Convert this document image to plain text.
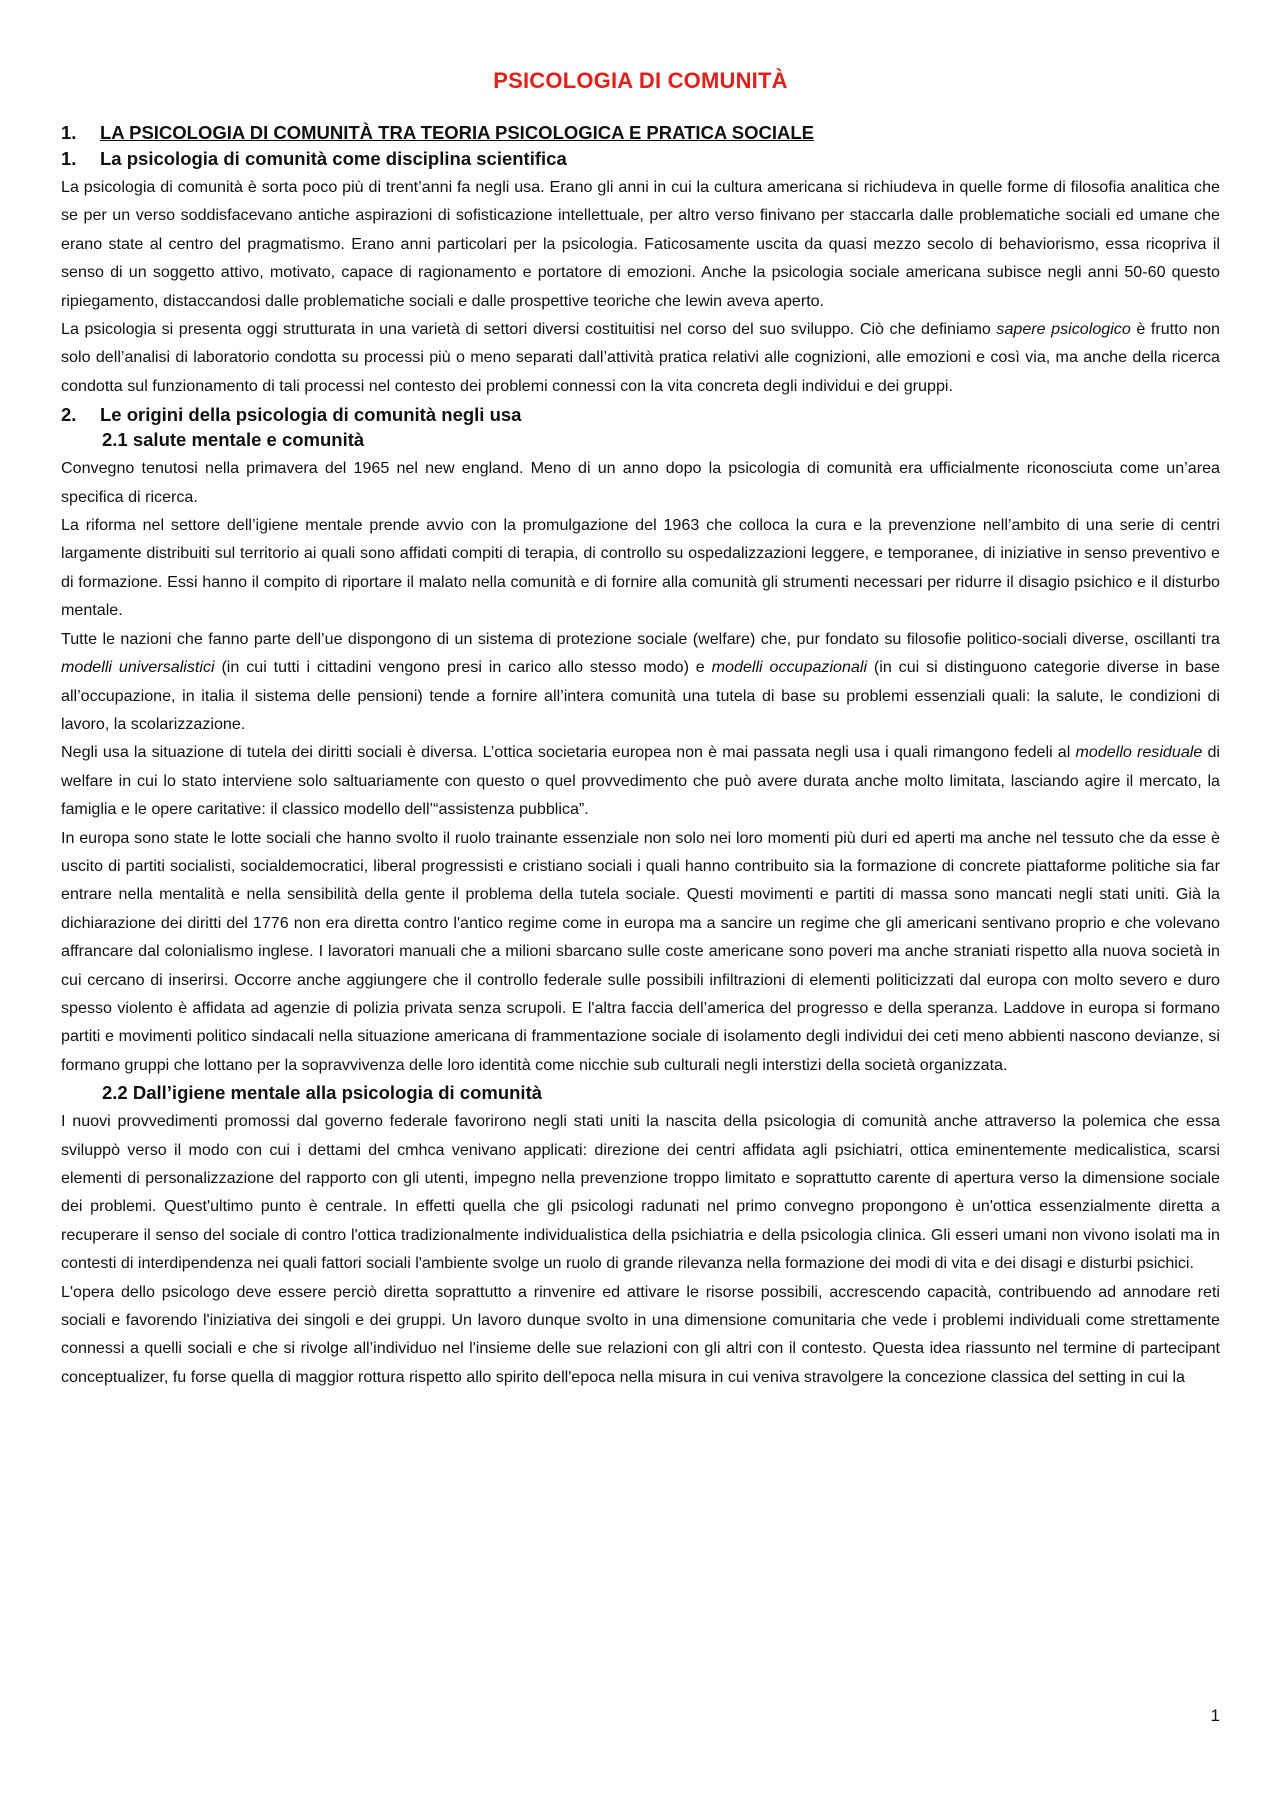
PSICOLOGIA DI COMUNITÀ
1. LA PSICOLOGIA DI COMUNITÀ TRA TEORIA PSICOLOGICA E PRATICA SOCIALE
1. La psicologia di comunità come disciplina scientifica

La psicologia di comunità è sorta poco più di trent’anni fa negli usa. Erano gli anni in cui la cultura americana si richiudeva in quelle forme di filosofia analitica che se per un verso soddisfacevano antiche aspirazioni di sofisticazione intellettuale, per altro verso finivano per staccarla dalle problematiche sociali ed umane che erano state al centro del pragmatismo. Erano anni particolari per la psicologia. Faticosamente uscita da quasi mezzo secolo di behaviorismo, essa ricopriva il senso di un soggetto attivo, motivato, capace di ragionamento e portatore di emozioni. Anche la psicologia sociale americana subisce negli anni 50-60 questo ripiegamento, distaccandosi dalle problematiche sociali e dalle prospettive teoriche che lewin aveva aperto.

La psicologia si presenta oggi strutturata in una varietà di settori diversi costituitisi nel corso del suo sviluppo. Ciò che definiamo sapere psicologico è frutto non solo dell’analisi di laboratorio condotta su processi più o meno separati dall’attività pratica relativi alle cognizioni, alle emozioni e così via, ma anche della ricerca condotta sul funzionamento di tali processi nel contesto dei problemi connessi con la vita concreta degli individui e dei gruppi.

2. Le origini della psicologia di comunità negli usa
2.1 salute mentale e comunità

Convegno tenutosi nella primavera del 1965 nel new england. Meno di un anno dopo la psicologia di comunità era ufficialmente riconosciuta come un’area specifica di ricerca.

La riforma nel settore dell’igiene mentale prende avvio con la promulgazione del 1963 che colloca la cura e la prevenzione nell’ambito di una serie di centri largamente distribuiti sul territorio ai quali sono affidati compiti di terapia, di controllo su ospedalizzazioni leggere, e temporanee, di iniziative in senso preventivo e di formazione. Essi hanno il compito di riportare il malato nella comunità e di fornire alla comunità gli strumenti necessari per ridurre il disagio psichico e il disturbo mentale.

Tutte le nazioni che fanno parte dell’ue dispongono di un sistema di protezione sociale (welfare) che, pur fondato su filosofie politico-sociali diverse, oscillanti tra modelli universalistici (in cui tutti i cittadini vengono presi in carico allo stesso modo) e modelli occupazionali (in cui si distinguono categorie diverse in base all’occupazione, in italia il sistema delle pensioni) tende a fornire all’intera comunità una tutela di base su problemi essenziali quali: la salute, le condizioni di lavoro, la scolarizzazione.

Negli usa la situazione di tutela dei diritti sociali è diversa. L’ottica societaria europea non è mai passata negli usa i quali rimangono fedeli al modello residuale di welfare in cui lo stato interviene solo saltuariamente con questo o quel provvedimento che può avere durata anche molto limitata, lasciando agire il mercato, la famiglia e le opere caritative: il classico modello dell’“assistenza pubblica”.

In europa sono state le lotte sociali che hanno svolto il ruolo trainante essenziale non solo nei loro momenti più duri ed aperti ma anche nel tessuto che da esse è uscito di partiti socialisti, socialdemocratici, liberal progressisti e cristiano sociali i quali hanno contribuito sia la formazione di concrete piattaforme politiche sia far entrare nella mentalità e nella sensibilità della gente il problema della tutela sociale. Questi movimenti e partiti di massa sono mancati negli stati uniti. Già la dichiarazione dei diritti del 1776 non era diretta contro l'antico regime come in europa ma a sancire un regime che gli americani sentivano proprio e che volevano affrancare dal colonialismo inglese. I lavoratori manuali che a milioni sbarcano sulle coste americane sono poveri ma anche straniati rispetto alla nuova società in cui cercano di inserirsi. Occorre anche aggiungere che il controllo federale sulle possibili infiltrazioni di elementi politicizzati dal europa con molto severo e duro spesso violento è affidata ad agenzie di polizia privata senza scrupoli. E l'altra faccia dell’america del progresso e della speranza. Laddove in europa si formano partiti e movimenti politico sindacali nella situazione americana di frammentazione sociale di isolamento degli individui dei ceti meno abbienti nascono devianze, si formano gruppi che lottano per la sopravvivenza delle loro identità come nicchie sub culturali negli interstizi della società organizzata.

2.2 Dall’igiene mentale alla psicologia di comunità

I nuovi provvedimenti promossi dal governo federale favorirono negli stati uniti la nascita della psicologia di comunità anche attraverso la polemica che essa sviluppò verso il modo con cui i dettami del cmhca venivano applicati: direzione dei centri affidata agli psichiatri, ottica eminentemente medicalistica, scarsi elementi di personalizzazione del rapporto con gli utenti, impegno nella prevenzione troppo limitato e soprattutto carente di apertura verso la dimensione sociale dei problemi. Quest'ultimo punto è centrale. In effetti quella che gli psicologi radunati nel primo convegno propongono è un'ottica essenzialmente diretta a recuperare il senso del sociale di contro l'ottica tradizionalmente individualistica della psichiatria e della psicologia clinica. Gli esseri umani non vivono isolati ma in contesti di interdipendenza nei quali fattori sociali l'ambiente svolge un ruolo di grande rilevanza nella formazione dei modi di vita e dei disagi e disturbi psichici.

L'opera dello psicologo deve essere perciò diretta soprattutto a rinvenire ed attivare le risorse possibili, accrescendo capacità, contribuendo ad annodare reti sociali e favorendo l'iniziativa dei singoli e dei gruppi. Un lavoro dunque svolto in una dimensione comunitaria che vede i problemi individuali come strettamente connessi a quelli sociali e che si rivolge all’individuo nel l'insieme delle sue relazioni con gli altri con il contesto. Questa idea riassunto nel termine di partecipant conceptualizer, fu forse quella di maggior rottura rispetto allo spirito dell'epoca nella misura in cui veniva stravolgere la concezione classica del setting in cui la

1
